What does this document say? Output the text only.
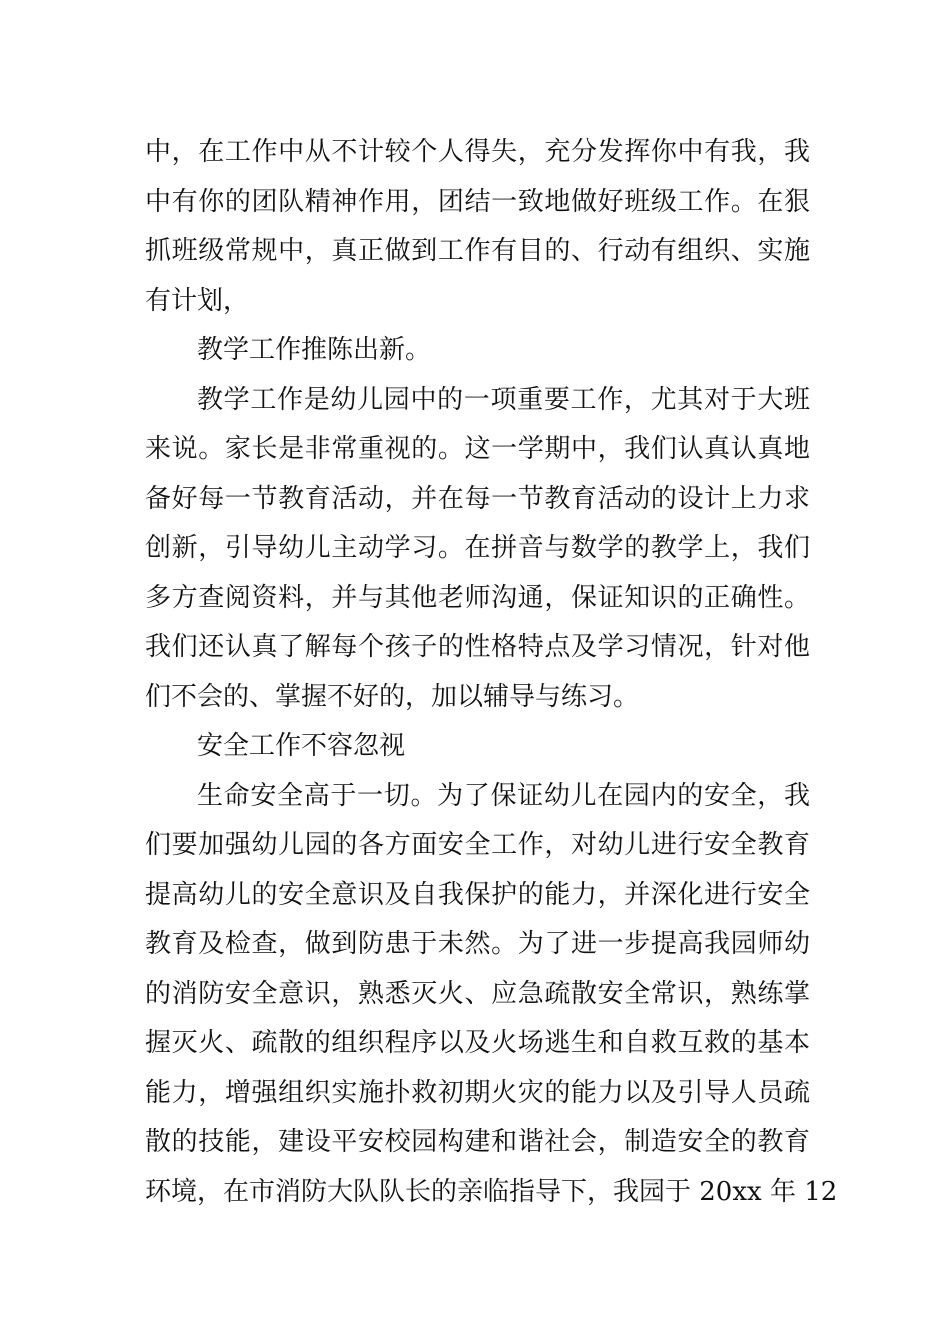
中，在工作中从不计较个人得失，充分发挥你中有我，我
中有你的团队精神作用，团结一致地做好班级工作。在狠
抓班级常规中，真正做到工作有目的、行动有组织、实施
有计划，
教学工作推陈出新。
教学工作是幼儿园中的一项重要工作，尤其对于大班
来说。家长是非常重视的。这一学期中，我们认真认真地
备好每一节教育活动，并在每一节教育活动的设计上力求
创新，引导幼儿主动学习。在拼音与数学的教学上，我们
多方查阅资料，并与其他老师沟通，保证知识的正确性。
我们还认真了解每个孩子的性格特点及学习情况，针对他
们不会的、掌握不好的，加以辅导与练习。
安全工作不容忽视
生命安全高于一切。为了保证幼儿在园内的安全，我
们要加强幼儿园的各方面安全工作，对幼儿进行安全教育
提高幼儿的安全意识及自我保护的能力，并深化进行安全
教育及检查，做到防患于未然。为了进一步提高我园师幼
的消防安全意识，熟悉灭火、应急疏散安全常识，熟练掌
握灭火、疏散的组织程序以及火场逃生和自救互救的基本
能力，增强组织实施扑救初期火灾的能力以及引导人员疏
散的技能，建设平安校园构建和谐社会，制造安全的教育
环境，在市消防大队队长的亲临指导下，我园于 20xx 年 12
